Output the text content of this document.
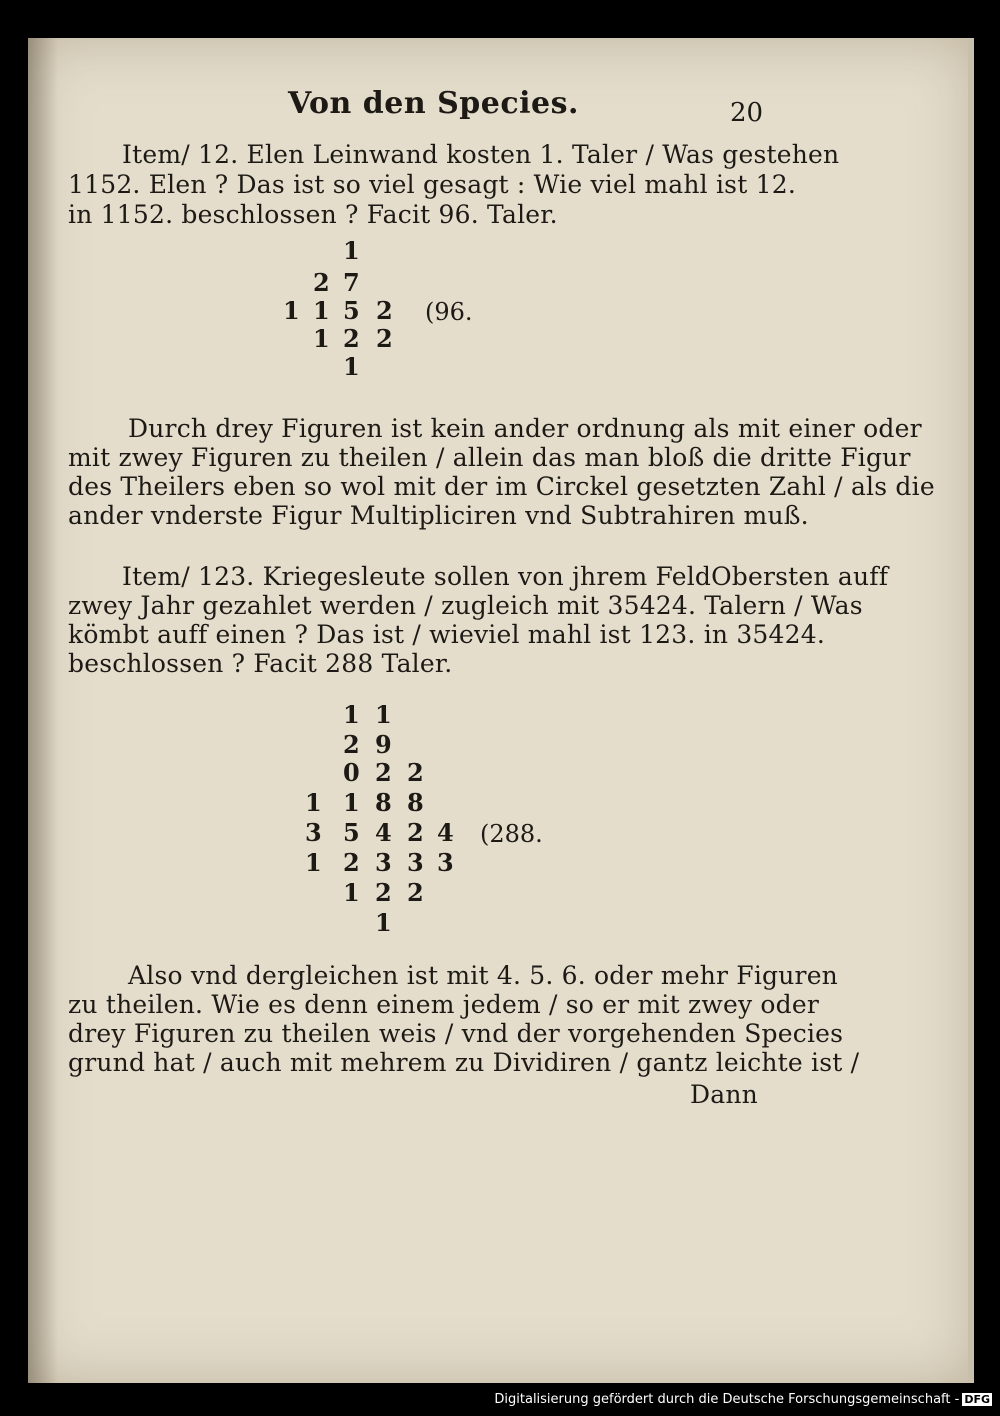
Von den Species.	20
Item/ 12. Elen Leinwand kosten 1. Taler / Was gestehen
1152. Elen ? Das ist so viel gesagt : Wie viel mahl ist 12.
in 1152. beschlossen ? Facit 96. Taler.
1
2 7
1 1 5 2
1 2 2
1
(96.
Durch drey Figuren ist kein ander ordnung als mit einer oder
mit zwey Figuren zu theilen / allein das man bloß die dritte Figur
des Theilers eben so wol mit der im Circkel gesetzten Zahl / als die
ander vnderste Figur Multipliciren vnd Subtrahiren muß.
Item/ 123. Kriegesleute sollen von jhrem FeldObersten auff
zwey Jahr gezahlet werden / zugleich mit 35424. Talern / Was
kömbt auff einen ? Das ist / wieviel mahl ist 123. in 35424.
beschlossen ? Facit 288 Taler.
1 1
2 9
0 2 2
1 1 8 8
3 5 4 2 4
1 2 3 3 3
1 2 2
1
(288.
Also vnd dergleichen ist mit 4. 5. 6. oder mehr Figuren
zu theilen. Wie es denn einem jedem / so er mit zwey oder
drey Figuren zu theilen weis / vnd der vorgehenden Species
grund hat / auch mit mehrem zu Dividiren / gantz leichte ist /
Dann
Digitalisierung gefördert durch die Deutsche Forschungsgemeinschaft - DFG
